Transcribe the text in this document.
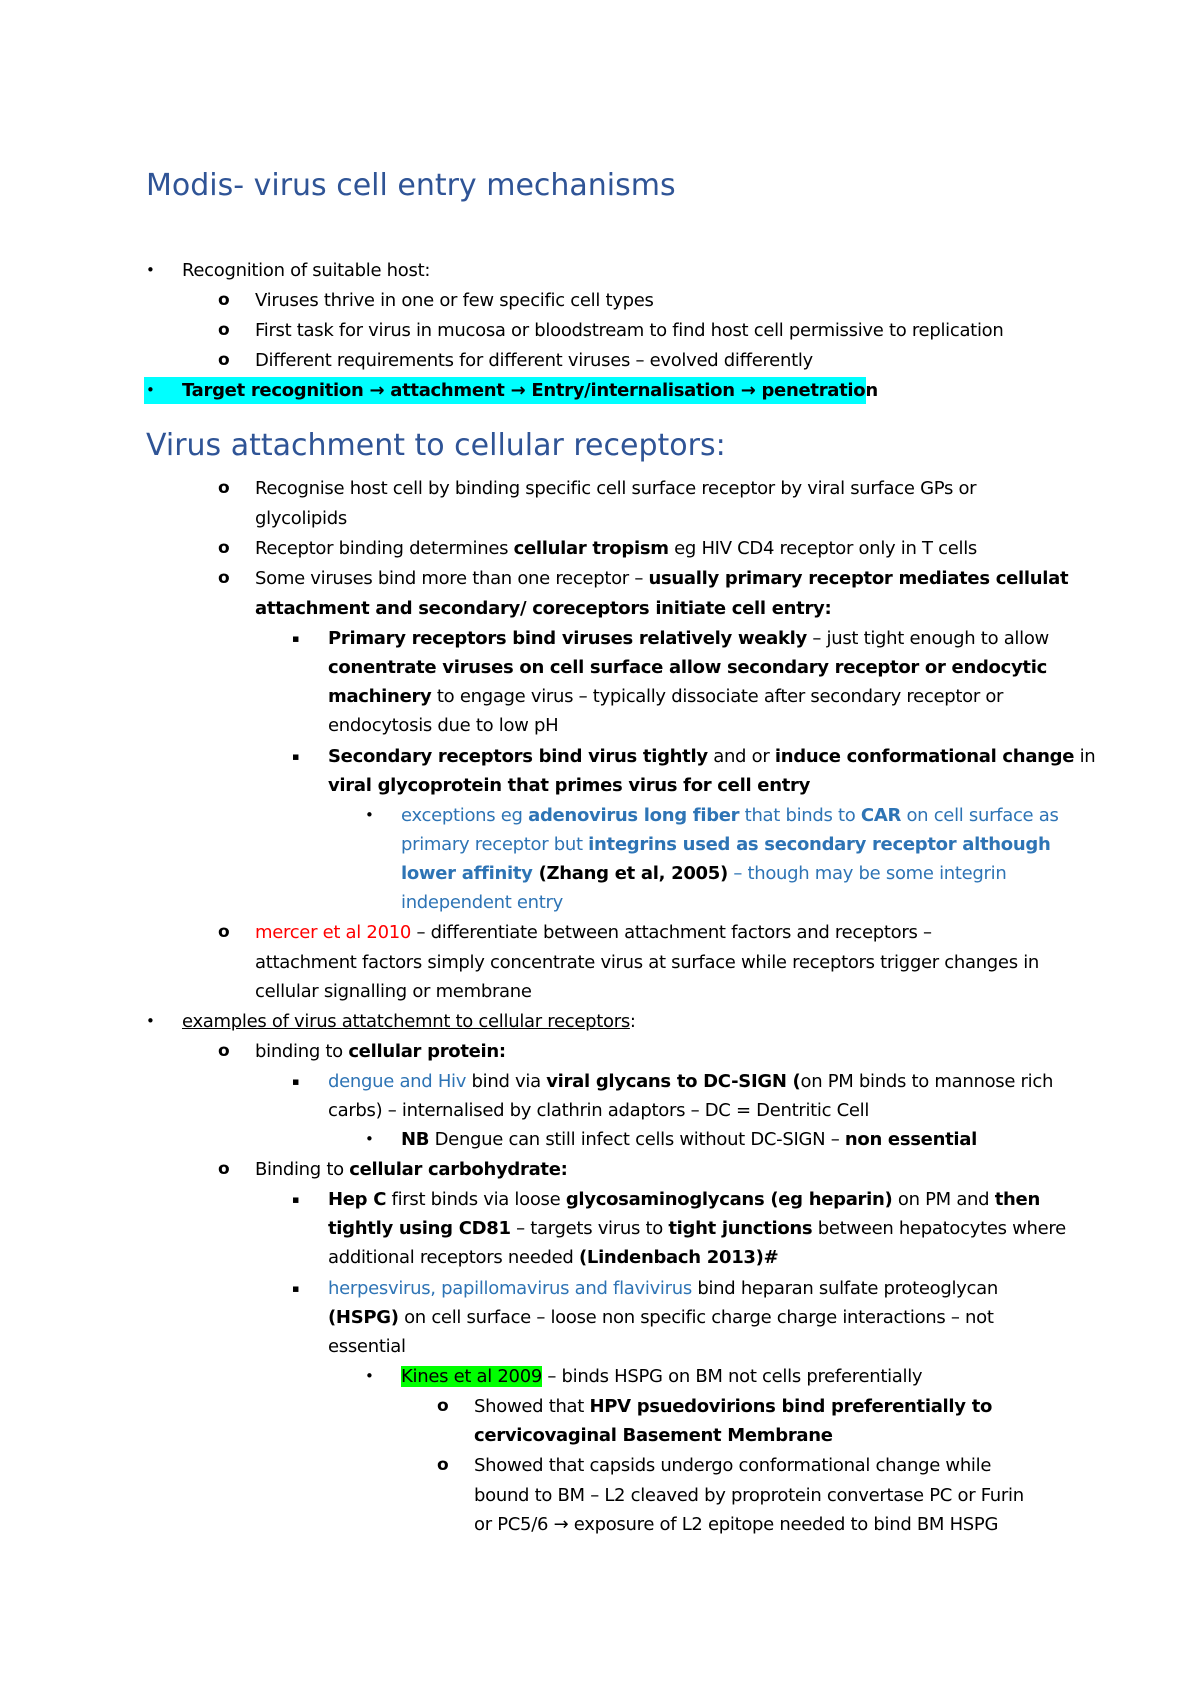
Modis- virus cell entry mechanisms
• Recognition of suitable host:
o Viruses thrive in one or few specific cell types
o First task for virus in mucosa or bloodstream to find host cell permissive to replication
o Different requirements for different viruses – evolved differently
• Target recognition → attachment → Entry/internalisation → penetration
Virus attachment to cellular receptors:
o Recognise host cell by binding specific cell surface receptor by viral surface GPs or
glycolipids
o Receptor binding determines cellular tropism eg HIV CD4 receptor only in T cells
o Some viruses bind more than one receptor – usually primary receptor mediates cellulat
attachment and secondary/ coreceptors initiate cell entry:
▪ Primary receptors bind viruses relatively weakly – just tight enough to allow
conentrate viruses on cell surface allow secondary receptor or endocytic
machinery to engage virus – typically dissociate after secondary receptor or
endocytosis due to low pH
▪ Secondary receptors bind virus tightly and or induce conformational change in
viral glycoprotein that primes virus for cell entry
• exceptions eg adenovirus long fiber that binds to CAR on cell surface as
primary receptor but integrins used as secondary receptor although
lower affinity (Zhang et al, 2005) – though may be some integrin
independent entry
o mercer et al 2010 – differentiate between attachment factors and receptors –
attachment factors simply concentrate virus at surface while receptors trigger changes in
cellular signalling or membrane
• examples of virus attatchemnt to cellular receptors:
o binding to cellular protein:
▪ dengue and Hiv bind via viral glycans to DC-SIGN (on PM binds to mannose rich
carbs) – internalised by clathrin adaptors – DC = Dentritic Cell
• NB Dengue can still infect cells without DC-SIGN – non essential
o Binding to cellular carbohydrate:
▪ Hep C first binds via loose glycosaminoglycans (eg heparin) on PM and then
tightly using CD81 – targets virus to tight junctions between hepatocytes where
additional receptors needed (Lindenbach 2013)#
▪ herpesvirus, papillomavirus and flavivirus bind heparan sulfate proteoglycan
(HSPG) on cell surface – loose non specific charge charge interactions – not
essential
• Kines et al 2009 – binds HSPG on BM not cells preferentially
o Showed that HPV psuedovirions bind preferentially to
cervicovaginal Basement Membrane
o Showed that capsids undergo conformational change while
bound to BM – L2 cleaved by proprotein convertase PC or Furin
or PC5/6 → exposure of L2 epitope needed to bind BM HSPG
